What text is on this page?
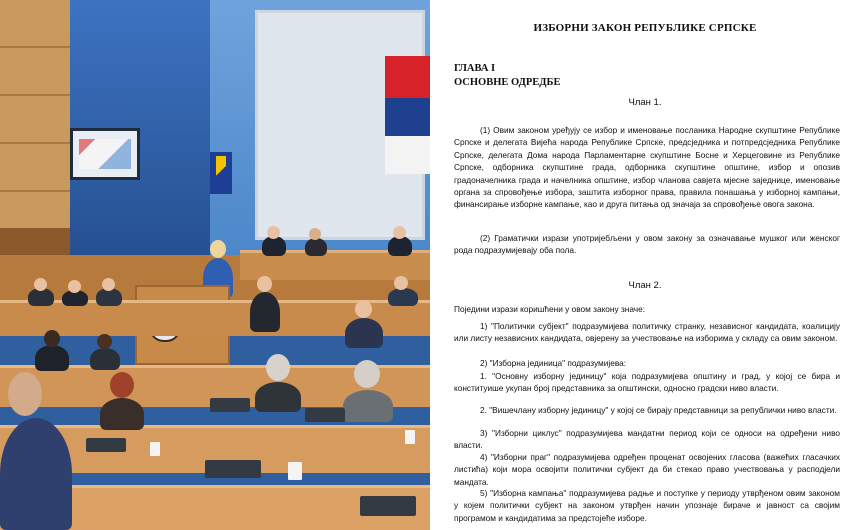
ИЗБОРНИ ЗАКОН РЕПУБЛИКЕ СРПСКЕ
ГЛАВА I
ОСНОВНЕ ОДРЕДБЕ
Члан 1.

(1) Овим законом уређују се избор и именовање посланика Народне скупштине Републике Српске и делегата Вијећа народа Републике Српске, предсједника и потпредсједника Републике Српске, делегата Дома народа Парламентарне скупштине Босне и Херцеговине из Републике Српске, одборника скупштине града, одборника скупштине општине, избор и опозив градоначелника града и начелника општине, избор чланова савјета мјесне заједнице, именовање органа за спровођење избора, заштита изборног права, правила понашања у изборној кампањи, финансирање изборне кампање, као и друга питања од значаја за спровођење овога закона.

(2) Граматички изрази употријебљени у овом закону за означавање мушког или женског рода подразумијевају оба пола.

Члан 2.

Поједини изрази коришћени у овом закону значе:

1) "Политички субјект" подразумијева политичку странку, независног кандидата, коалицију или листу независних кандидата, овјерену за учествовање на изборима у складу са овим законом.

2) "Изборна јединица" подразумијева:

1. "Основну изборну јединицу" која подразумијева општину и град, у којој се бира и конституише укупан број представника за општински, односно градски ниво власти.

2. "Вишечлану изборну јединицу" у којој се бирају представници за републички ниво власти.

3) "Изборни циклус" подразумијева мандатни период који се односи на одређени ниво власти.

4) "Изборни праг" подразумијева одређен проценат освојених гласова (важећих гласачких листића) који мора освојити политички субјект да би стекао право учествовања у расподјели мандата.

5) "Изборна кампања" подразумијева радње и поступке у периоду утврђеном овим законом у којем политички субјект на законом утврђен начин упознаје бираче и јавност са својим програмом и кандидатима за предстојеће изборе.
